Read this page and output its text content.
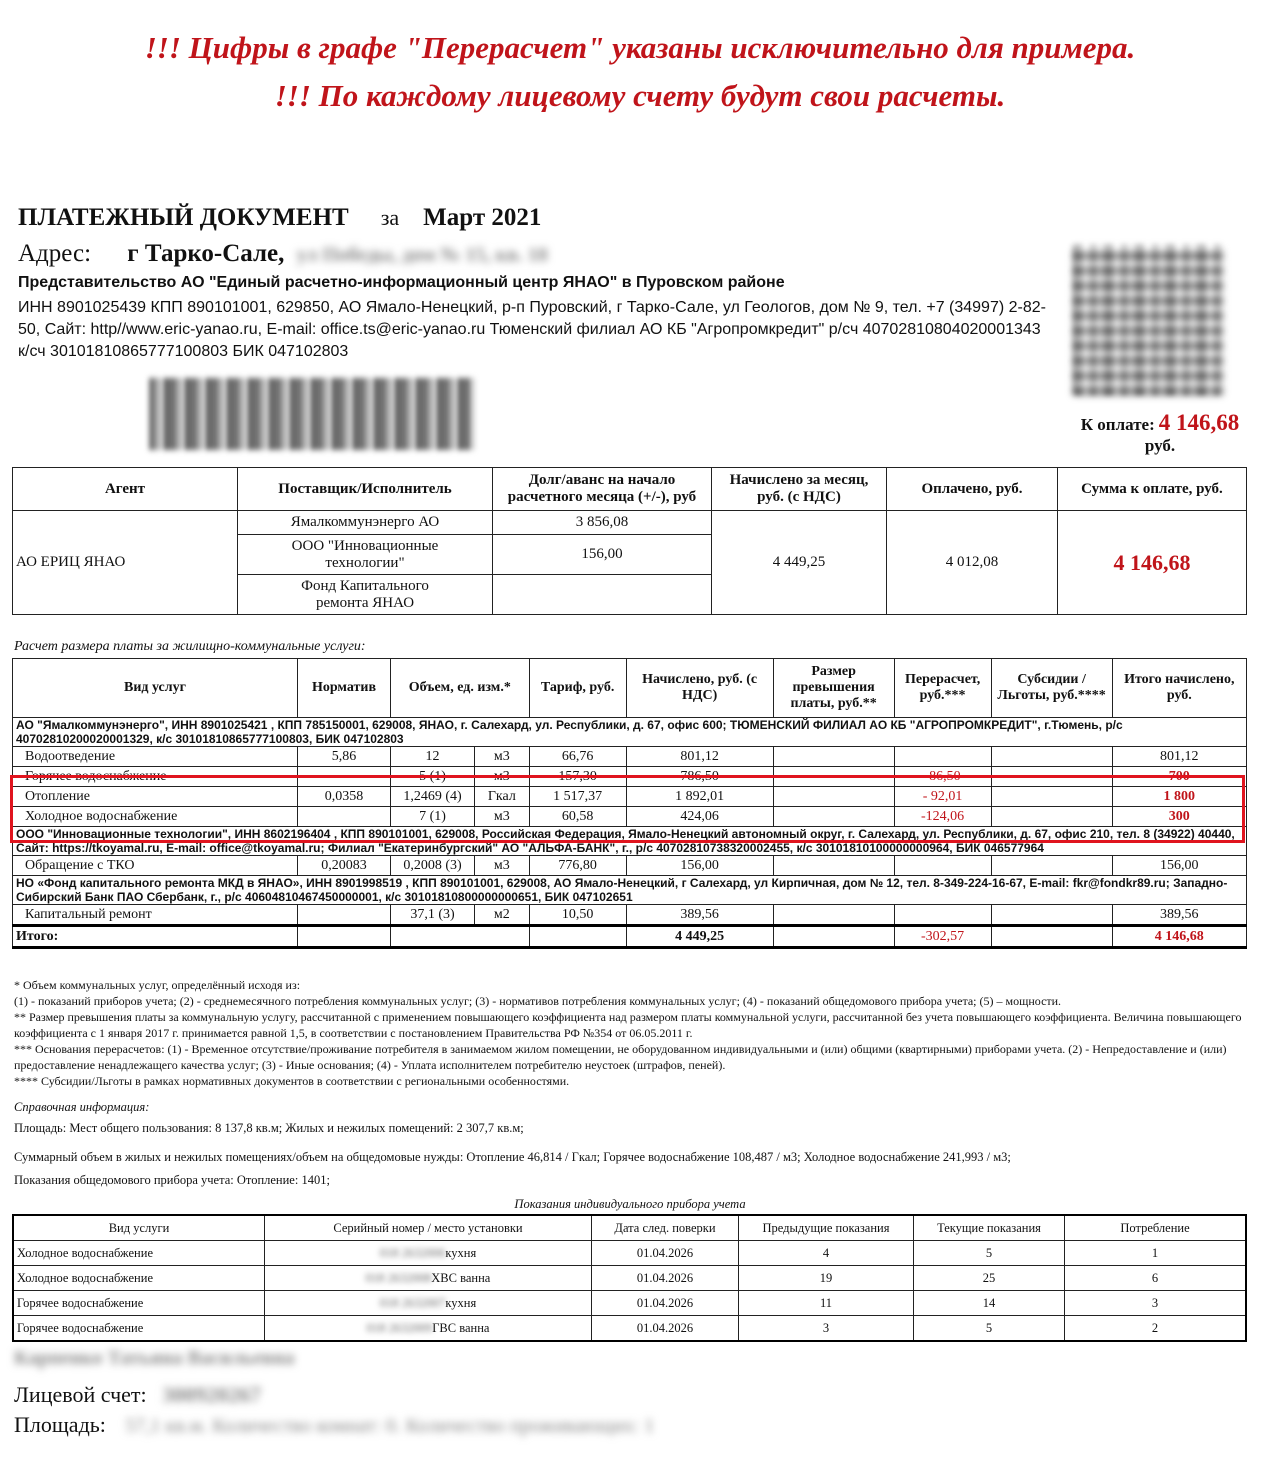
!!! Цифры в графе "Перерасчет" указаны исключительно для примера.
!!! По каждому лицевому счету будут свои расчеты.
ПЛАТЕЖНЫЙ ДОКУМЕНТ за Март 2021
Адрес: г Тарко-Сале, ул Победы, дом № 15, кв. 18
Представительство АО "Единый расчетно-информационный центр ЯНАО" в Пуровском районе
ИНН 8901025439 КПП 890101001, 629850, АО Ямало-Ненецкий, р-п Пуровский, г Тарко-Сале, ул Геологов, дом № 9, тел. +7 (34997) 2-82-50, Сайт: http//www.eric-yanao.ru, E-mail: office.ts@eric-yanao.ru Тюменский филиал АО КБ "Агропромкредит" р/сч 40702810804020001343 к/сч 30101810865777100803 БИК 047102803
К оплате: 4 146,68
руб.
Агент	Поставщик/Исполнитель	Долг/аванс на начало расчетного месяца (+/-), руб	Начислено за месяц, руб. (с НДС)	Оплачено, руб.	Сумма к оплате, руб.
АО ЕРИЦ ЯНАО	Ямалкоммунэнерго АО	3 856,08	4 449,25	4 012,08	4 146,68
	ООО "Инновационные технологии"	156,00			
	Фонд Капитального ремонта ЯНАО				
Расчет размера платы за жилищно-коммунальные услуги:
Вид услуг	Норматив	Объем, ед. изм.*		Тариф, руб.	Начислено, руб. (с НДС)	Размер превышения платы, руб.**	Перерасчет, руб.***	Субсидии /Льготы, руб.****	Итого начислено, руб.
АО "Ямалкоммунэнерго", ИНН 8901025421 , КПП 785150001, 629008, ЯНАО, г. Салехард, ул. Республики, д. 67, офис 600; ТЮМЕНСКИЙ ФИЛИАЛ АО КБ "АГРОПРОМКРЕДИТ", г.Тюмень, р/с 40702810200020001329, к/с 30101810865777100803, БИК 047102803									
Водоотведение	5,86	12	м3	66,76	801,12				801,12
Горячее водоснабжение		5 (1)	м3	157,30	786,50		-86,50		700
Отопление	0,0358	1,2469 (4)	Гкал	1 517,37	1 892,01		- 92,01		1 800
Холодное водоснабжение		7 (1)	м3	60,58	424,06		-124,06		300
ООО "Инновационные технологии", ИНН 8602196404 , КПП 890101001, 629008, Российская Федерация, Ямало-Ненецкий автономный округ, г. Салехард, ул. Республики, д. 67, офис 210, тел. 8 (34922) 40440, Сайт: https://tkoyamal.ru, E-mail: office@tkoyamal.ru; Филиал "Екатеринбургский" АО "АЛЬФА-БАНК", г., р/с 40702810738320002455, к/с 30101810100000000964, БИК 046577964									
Обращение с ТКО	0,20083	0,2008 (3)	м3	776,80	156,00				156,00
НО «Фонд капитального ремонта МКД в ЯНАО», ИНН 8901998519 , КПП 890101001, 629008, АО Ямало-Ненецкий, г Салехард, ул Кирпичная, дом № 12, тел. 8-349-224-16-67, E-mail: fkr@fondkr89.ru; Западно-Сибирский Банк ПАО Сбербанк, г., р/с 40604810467450000001, к/с 30101810800000000651, БИК 047102651									
Капитальный ремонт		37,1 (3)	м2	10,50	389,56				389,56
Итого:					4 449,25		-302,57		4 146,68
* Объем коммунальных услуг, определённый исходя из:
(1) - показаний приборов учета; (2) - среднемесячного потребления коммунальных услуг; (3) - нормативов потребления коммунальных услуг; (4) - показаний общедомового прибора учета; (5) – мощности.
** Размер превышения платы за коммунальную услугу, рассчитанной с применением повышающего коэффициента над размером платы коммунальной услуги, рассчитанной без учета повышающего коэффициента. Величина повышающего коэффициента с 1 января 2017 г. принимается равной 1,5, в соответствии с постановлением Правительства РФ №354 от 06.05.2011 г.
*** Основания перерасчетов: (1) - Временное отсутствие/проживание потребителя в занимаемом жилом помещении, не оборудованном индивидуальными и (или) общими (квартирными) приборами учета. (2) - Непредоставление и (или) предоставление ненадлежащего качества услуг; (3) - Иные основания; (4) - Уплата исполнителем потребителю неустоек (штрафов, пеней).
**** Субсидии/Льготы в рамках нормативных документов в соответствии с региональными особенностями.

Справочная информация:

Площадь: Мест общего пользования: 8 137,8 кв.м; Жилых и нежилых помещений: 2 307,7 кв.м;

Суммарный объем в жилых и нежилых помещениях/объем на общедомовые нужды: Отопление 46,814 / Гкал; Горячее водоснабжение 108,487 / м3; Холодное водоснабжение 241,993 / м3;

Показания общедомового прибора учета: Отопление: 1401;

Показания индивидуального прибора учета
Вид услуги	Серийный номер / место установки	Дата след. поверки	Предыдущие показания	Текущие показания	Потребление
Холодное водоснабжение	018 2632006кухня	01.04.2026	4	5	1
Холодное водоснабжение	018 2632008ХВС ванна	01.04.2026	19	25	6
Горячее водоснабжение	018 2632007кухня	01.04.2026	11	14	3
Горячее водоснабжение	018 2632009ГВС ванна	01.04.2026	3	5	2
Карпенко Татьяна Васильевна
Лицевой счет: 300920267
Площадь: 57,1 кв.м. Количество комнат: 0. Количество проживающих: 1
